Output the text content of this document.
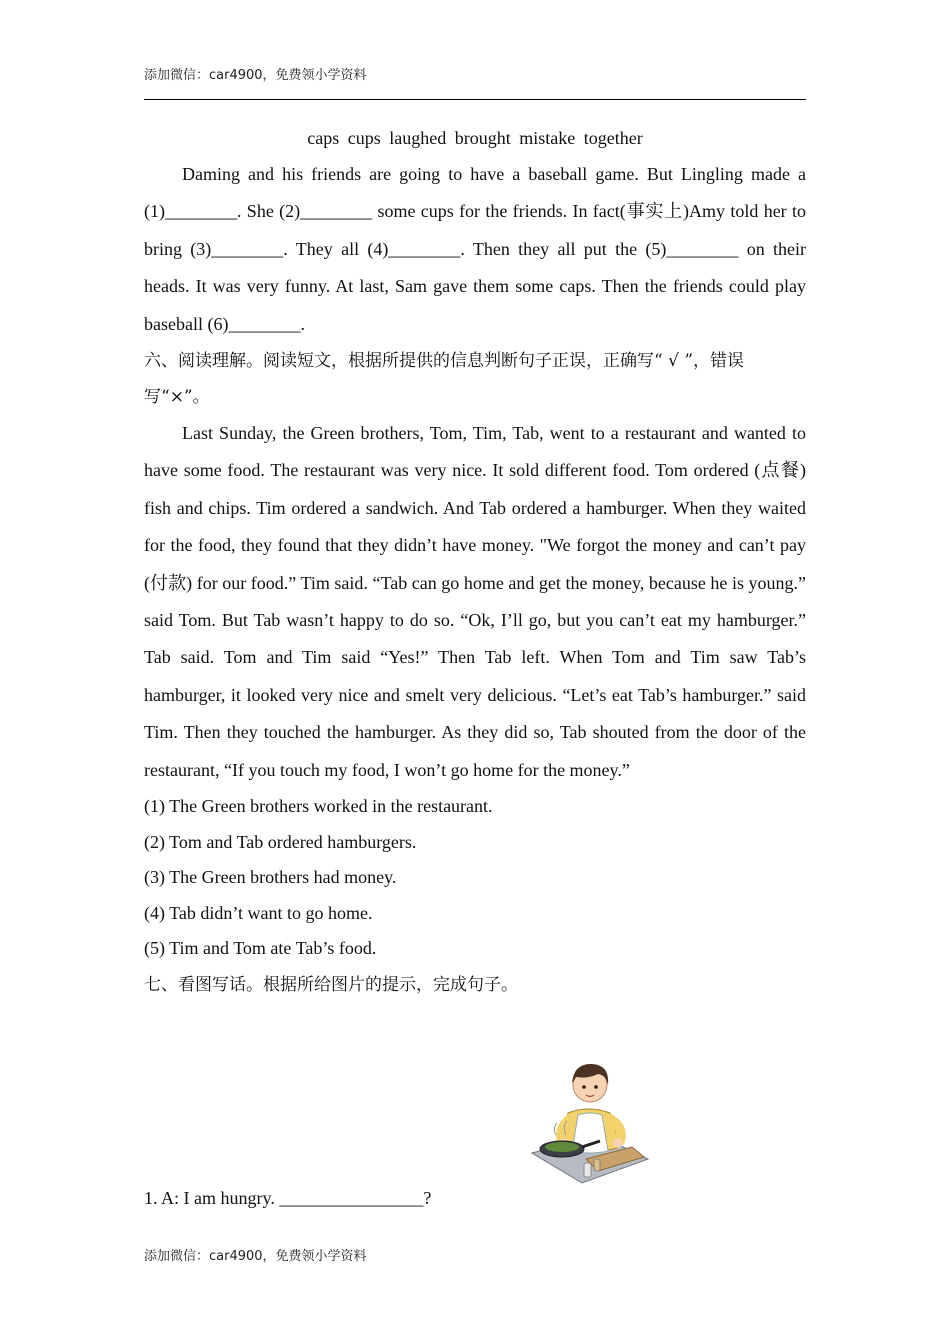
添加微信：car4900，免费领小学资料
caps cups laughed brought mistake together

Daming and his friends are going to have a baseball game. But Lingling made a (1)________. She (2)________ some cups for the friends. In fact(事实上)Amy told her to bring (3)________. They all (4)________. Then they all put the (5)________ on their heads. It was very funny. At last, Sam gave them some caps. Then the friends could play baseball (6)________.

六、阅读理解。阅读短文，根据所提供的信息判断句子正误，正确写“ √ ”，错误

写“×”。

Last Sunday, the Green brothers, Tom, Tim, Tab, went to a restaurant and wanted to have some food. The restaurant was very nice. It sold different food. Tom ordered (点餐) fish and chips. Tim ordered a sandwich. And Tab ordered a hamburger. When they waited for the food, they found that they didn’t have money. "We forgot the money and can’t pay (付款) for our food.” Tim said. “Tab can go home and get the money, because he is young.” said Tom. But Tab wasn’t happy to do so. “Ok, I’ll go, but you can’t eat my hamburger.” Tab said. Tom and Tim said “Yes!” Then Tab left. When Tom and Tim saw Tab’s hamburger, it looked very nice and smelt very delicious. “Let’s eat Tab’s hamburger.” said Tim. Then they touched the hamburger. As they did so, Tab shouted from the door of the restaurant, “If you touch my food, I won’t go home for the money.”

(1) The Green brothers worked in the restaurant.

(2) Tom and Tab ordered hamburgers.

(3) The Green brothers had money.

(4) Tab didn’t want to go home.

(5) Tim and Tom ate Tab’s food.

七、看图写话。根据所给图片的提示，完成句子。

1. A: I am hungry. ________________?
添加微信：car4900，免费领小学资料
